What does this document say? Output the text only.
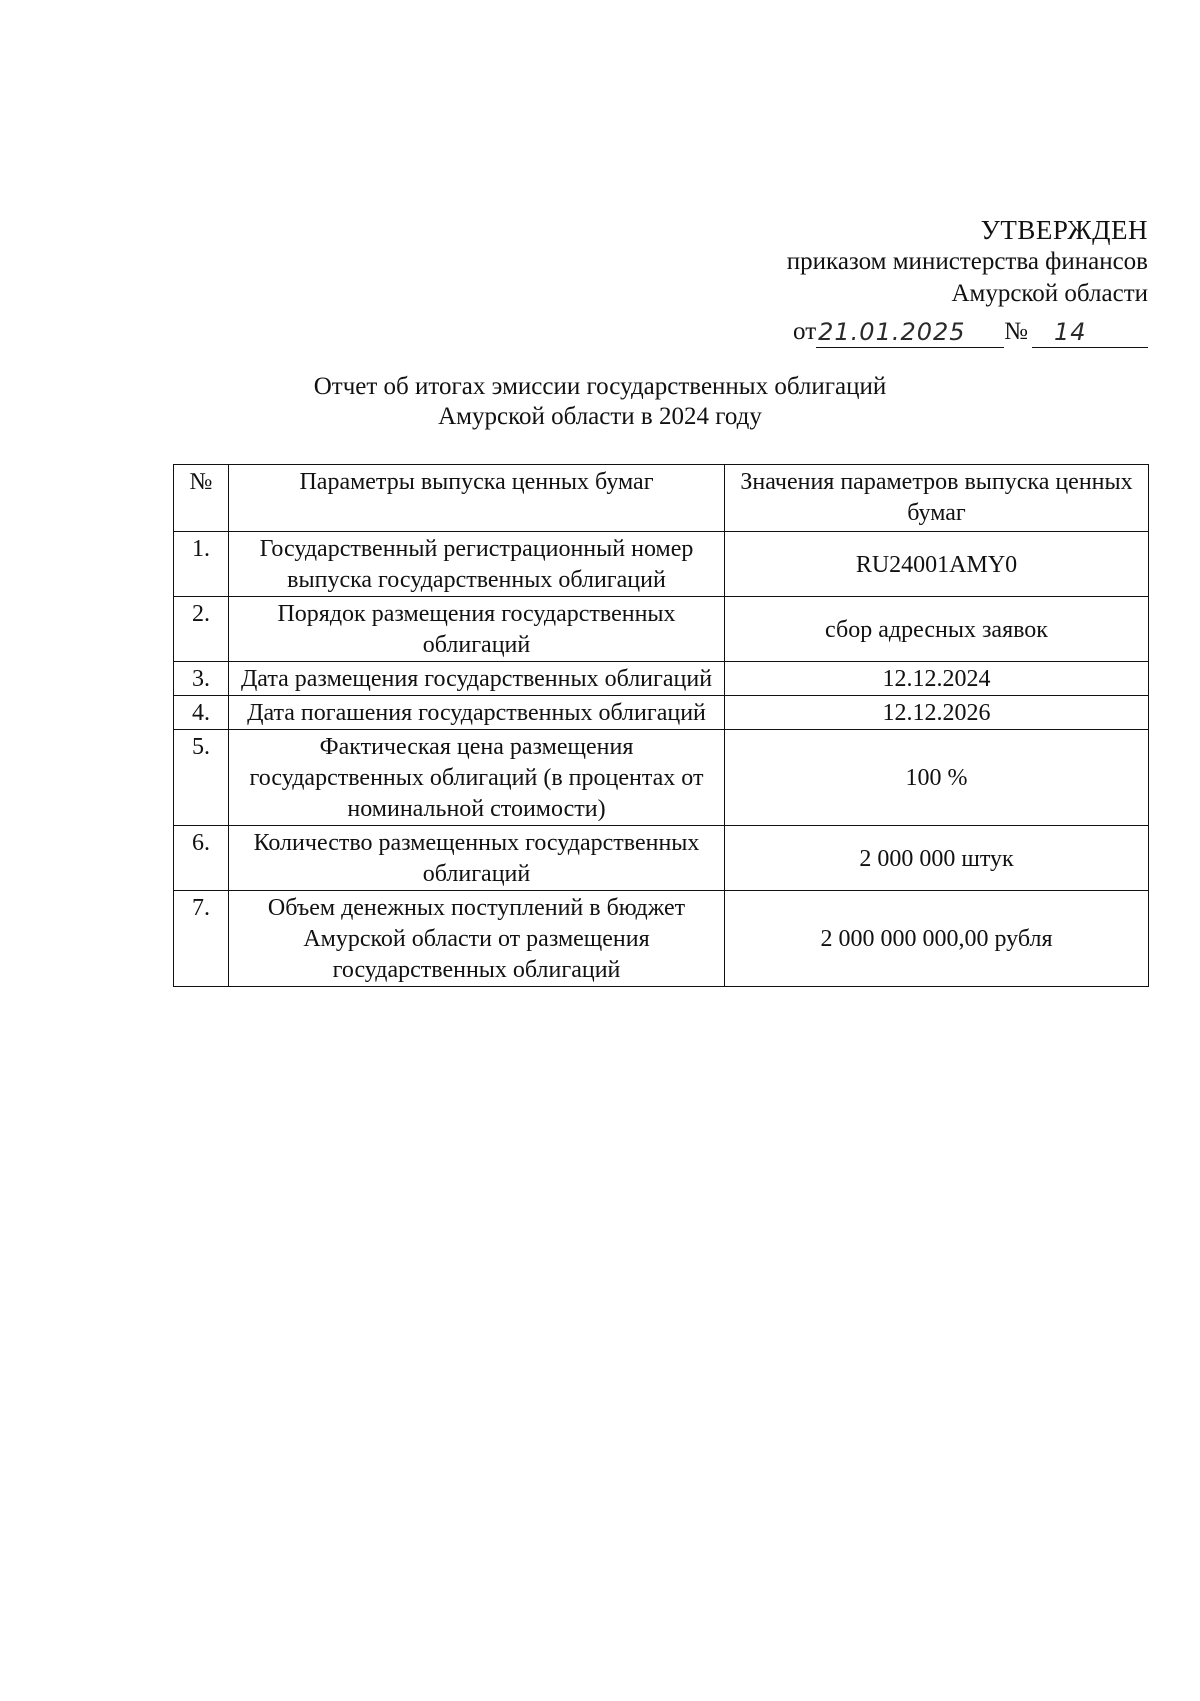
УТВЕРЖДЕН
приказом министерства финансов
Амурской области
от 21.01.2025 № 14
Отчет об итогах эмиссии государственных облигаций
Амурской области в 2024 году
№	Параметры выпуска ценных бумаг	Значения параметров выпуска ценных бумаг
1.	Государственный регистрационный номер выпуска государственных облигаций	RU24001AMY0
2.	Порядок размещения государственных облигаций	сбор адресных заявок
3.	Дата размещения государственных облигаций	12.12.2024
4.	Дата погашения государственных облигаций	12.12.2026
5.	Фактическая цена размещения государственных облигаций (в процентах от номинальной стоимости)	100 %
6.	Количество размещенных государственных облигаций	2 000 000 штук
7.	Объем денежных поступлений в бюджет Амурской области от размещения государственных облигаций	2 000 000 000,00 рубля
